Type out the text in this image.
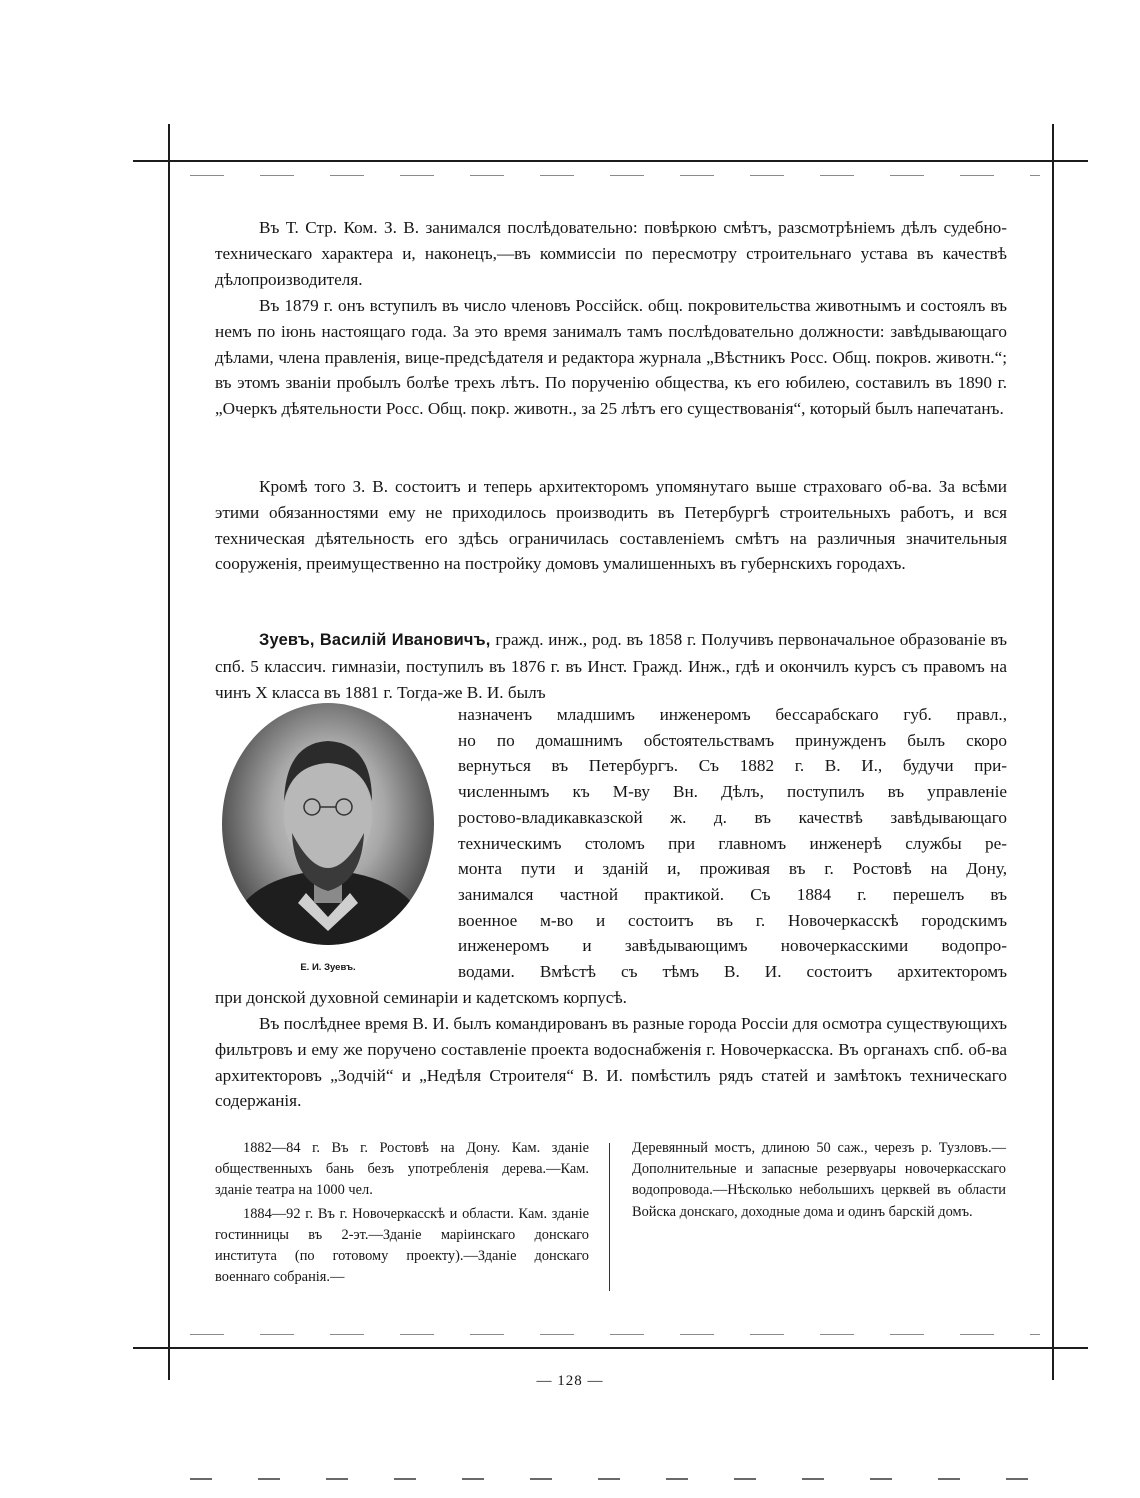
Въ Т. Стр. Ком. З. В. занимался послѣдовательно: повѣркою смѣтъ, разсмотрѣніемъ дѣлъ судебно-техническаго характера и, наконецъ,—въ коммиссіи по пересмотру строительнаго устава въ качествѣ дѣлопроизводителя.

Въ 1879 г. онъ вступилъ въ число членовъ Россійск. общ. покровительства животнымъ и состоялъ въ немъ по іюнь настоящаго года. За это время занималъ тамъ послѣдовательно должности: завѣдывающаго дѣлами, члена правленія, вице-предсѣдателя и редактора журнала „Вѣстникъ Росс. Общ. покров. животн.“; въ этомъ званіи пробылъ болѣе трехъ лѣтъ. По порученію общества, къ его юбилею, составилъ въ 1890 г. „Очеркъ дѣятельности Росс. Общ. покр. животн., за 25 лѣтъ его существованія“, который былъ напечатанъ.

Кромѣ того З. В. состоитъ и теперь архитекторомъ упомянутаго выше страховаго об-ва. За всѣми этими обязанностями ему не приходилось производить въ Петербургѣ строительныхъ работъ, и вся техническая дѣятельность его здѣсь ограничилась составленіемъ смѣтъ на различныя значительныя сооруженія, преимущественно на постройку домовъ умалишенныхъ въ губернскихъ городахъ.

Зуевъ, Василій Ивановичъ, гражд. инж., род. въ 1858 г. Получивъ первоначальное образованіе въ спб. 5 классич. гимназіи, поступилъ въ 1876 г. въ Инст. Гражд. Инж., гдѣ и окончилъ курсъ съ правомъ на чинъ X класса въ 1881 г. Тогда-же В. И. былъ

Е. И. Зуевъ.
назначенъ младшимъ инженеромъ бессарабскаго губ. правл.,
но по домашнимъ обстоятельствамъ принужденъ былъ скоро
вернуться въ Петербургъ. Съ 1882 г. В. И., будучи при-
численнымъ къ М-ву Вн. Дѣлъ, поступилъ въ управленіе
ростово-владикавказской ж. д. въ качествѣ завѣдывающаго
техническимъ столомъ при главномъ инженерѣ службы ре-
монта пути и зданій и, проживая въ г. Ростовѣ на Дону,
занимался частной практикой. Съ 1884 г. перешелъ въ
военное м-во и состоитъ въ г. Новочеркасскѣ городскимъ
инженеромъ и завѣдывающимъ новочеркасскими водопро-
водами. Вмѣстѣ съ тѣмъ В. И. состоитъ архитекторомъ

при донской духовной семинаріи и кадетскомъ корпусѣ.

Въ послѣднее время В. И. былъ командированъ въ разные города Россіи для осмотра существующихъ фильтровъ и ему же поручено составленіе проекта водоснабженія г. Новочеркасска. Въ органахъ спб. об-ва архитекторовъ „Зодчій“ и „Недѣля Строителя“ В. И. помѣстилъ рядъ статей и замѣтокъ техническаго содержанія.

1882—84 г. Въ г. Ростовѣ на Дону. Кам. зданіе общественныхъ бань безъ употребленія дерева.—Кам. зданіе театра на 1000 чел.

1884—92 г. Въ г. Новочеркасскѣ и области. Кам. зданіе гостинницы въ 2-эт.—Зданіе маріинскаго донскаго института (по готовому проекту).—Зданіе донскаго военнаго собранія.—

Деревянный мостъ, длиною 50 саж., черезъ р. Тузловъ.—Дополнительные и запасные резервуары новочеркасскаго водопровода.—Нѣсколько небольшихъ церквей въ области Войска донскаго, доходные дома и одинъ барскій домъ.

— 128 —
